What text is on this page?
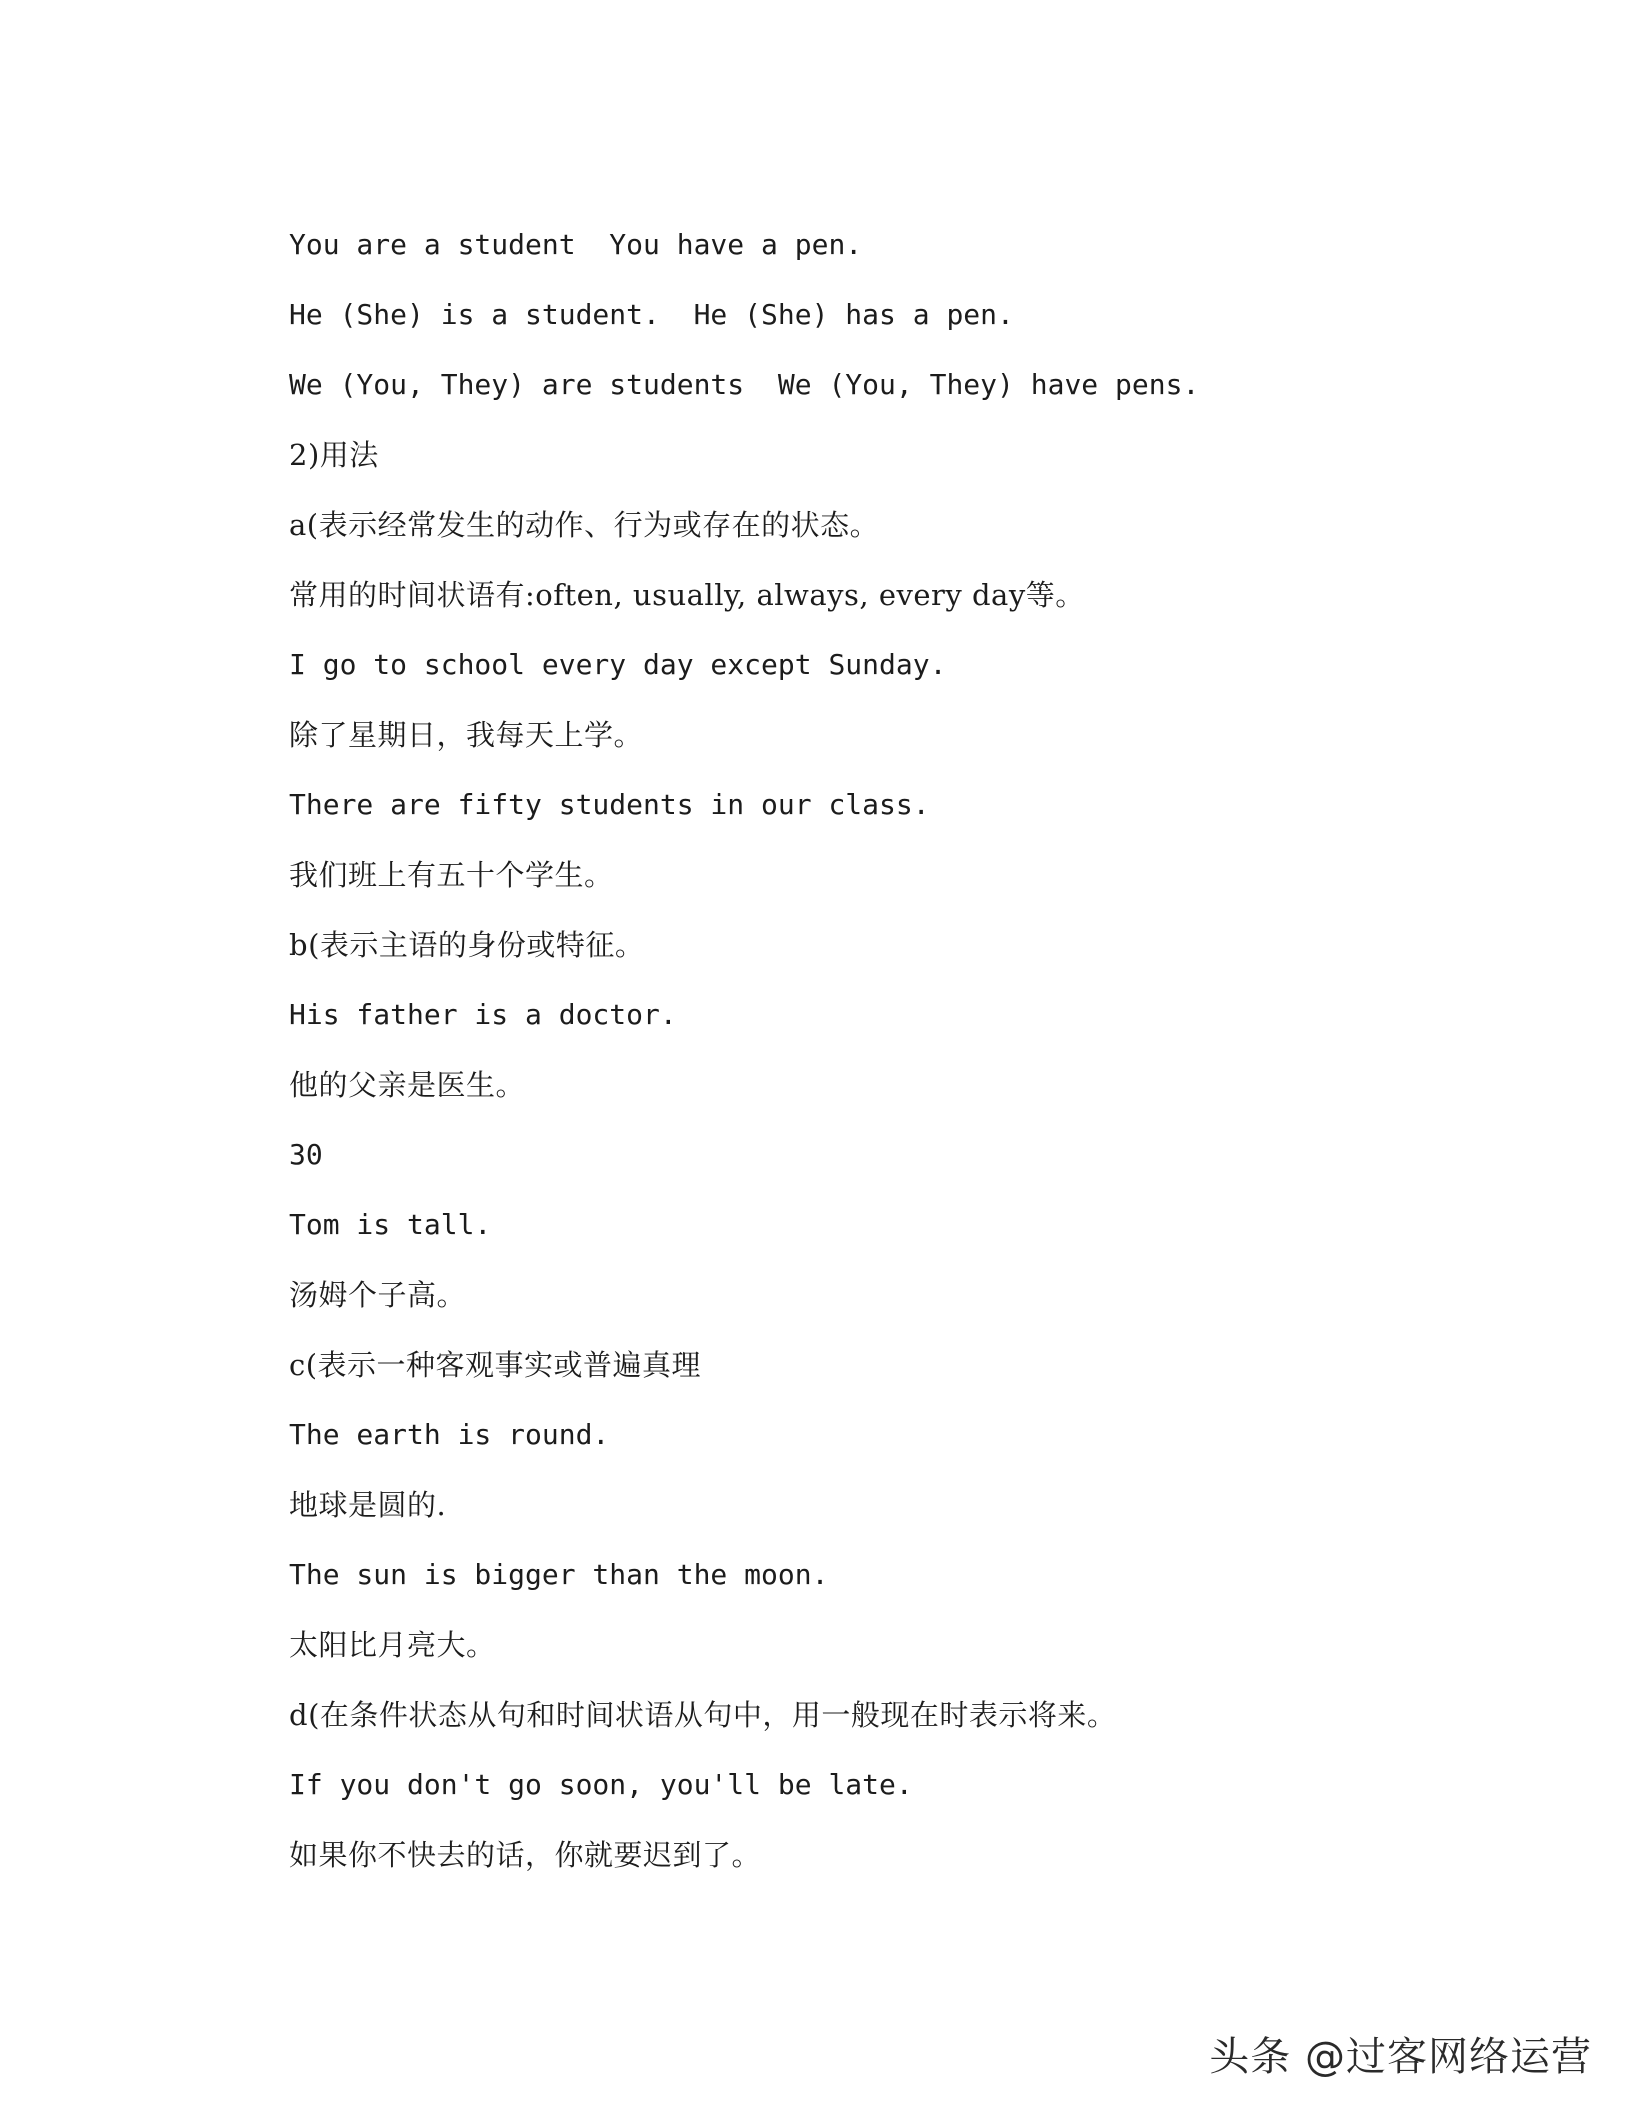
You are a student  You have a pen.
He (She) is a student.  He (She) has a pen.
We (You, They) are students  We (You, They) have pens.
2)用法
a(表示经常发生的动作、行为或存在的状态。
常用的时间状语有:often, usually, always, every day等。
I go to school every day except Sunday.
除了星期日，我每天上学。
There are fifty students in our class.
我们班上有五十个学生。
b(表示主语的身份或特征。
His father is a doctor.
他的父亲是医生。
30
Tom is tall.
汤姆个子高。
c(表示一种客观事实或普遍真理
The earth is round.
地球是圆的.
The sun is bigger than the moon.
太阳比月亮大。
d(在条件状态从句和时间状语从句中，用一般现在时表示将来。
If you don't go soon, you'll be late.
如果你不快去的话，你就要迟到了。
头条 @过客网络运营
